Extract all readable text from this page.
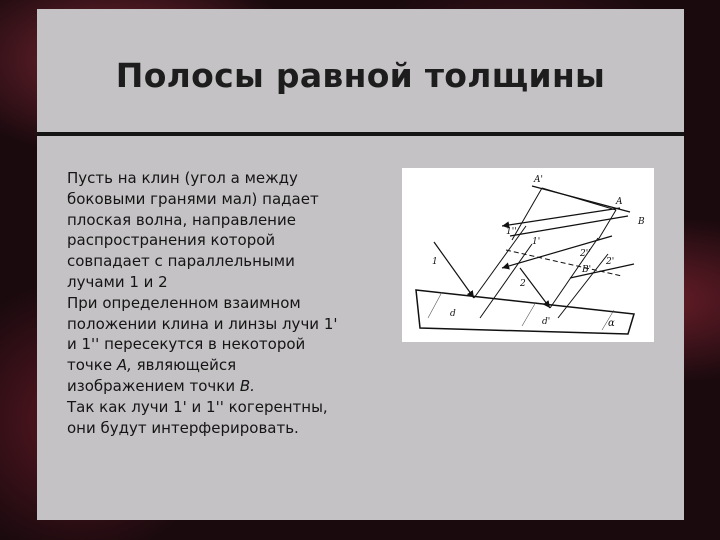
Полосы равной толщины

Пусть на клин (угол a между
боковыми гранями мал) падает
плоская волна, направление
распространения которой
совпадает с параллельными
лучами 1 и 2
При определенном взаимном
положении клина и линзы лучи 1'
и 1'' пересекутся в некоторой
точке А, являющейся
изображением точки В.
Так как лучи 1' и 1'' когерентны,
они будут интерферировать.

A'
A
B
1
1''
1'
2
2''
2'
B'
d
d'	α
